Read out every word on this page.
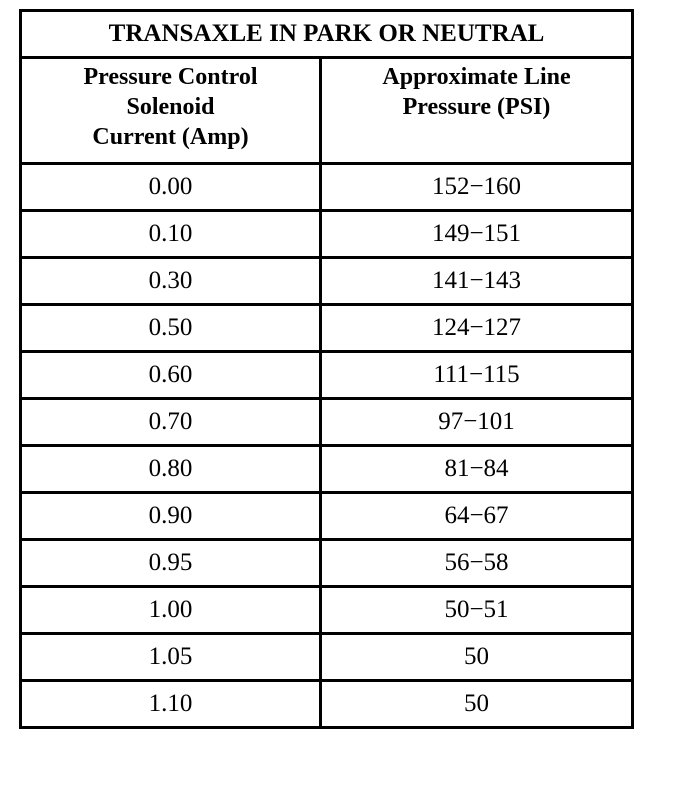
TRANSAXLE IN PARK OR NEUTRAL	

Pressure Control
Solenoid
Current (Amp)	Approximate Line
Pressure (PSI)

0.00	152−160
0.10	149−151
0.30	141−143
0.50	124−127
0.60	111−115
0.70	97−101
0.80	81−84
0.90	64−67
0.95	56−58
1.00	50−51
1.05	50
1.10	50
